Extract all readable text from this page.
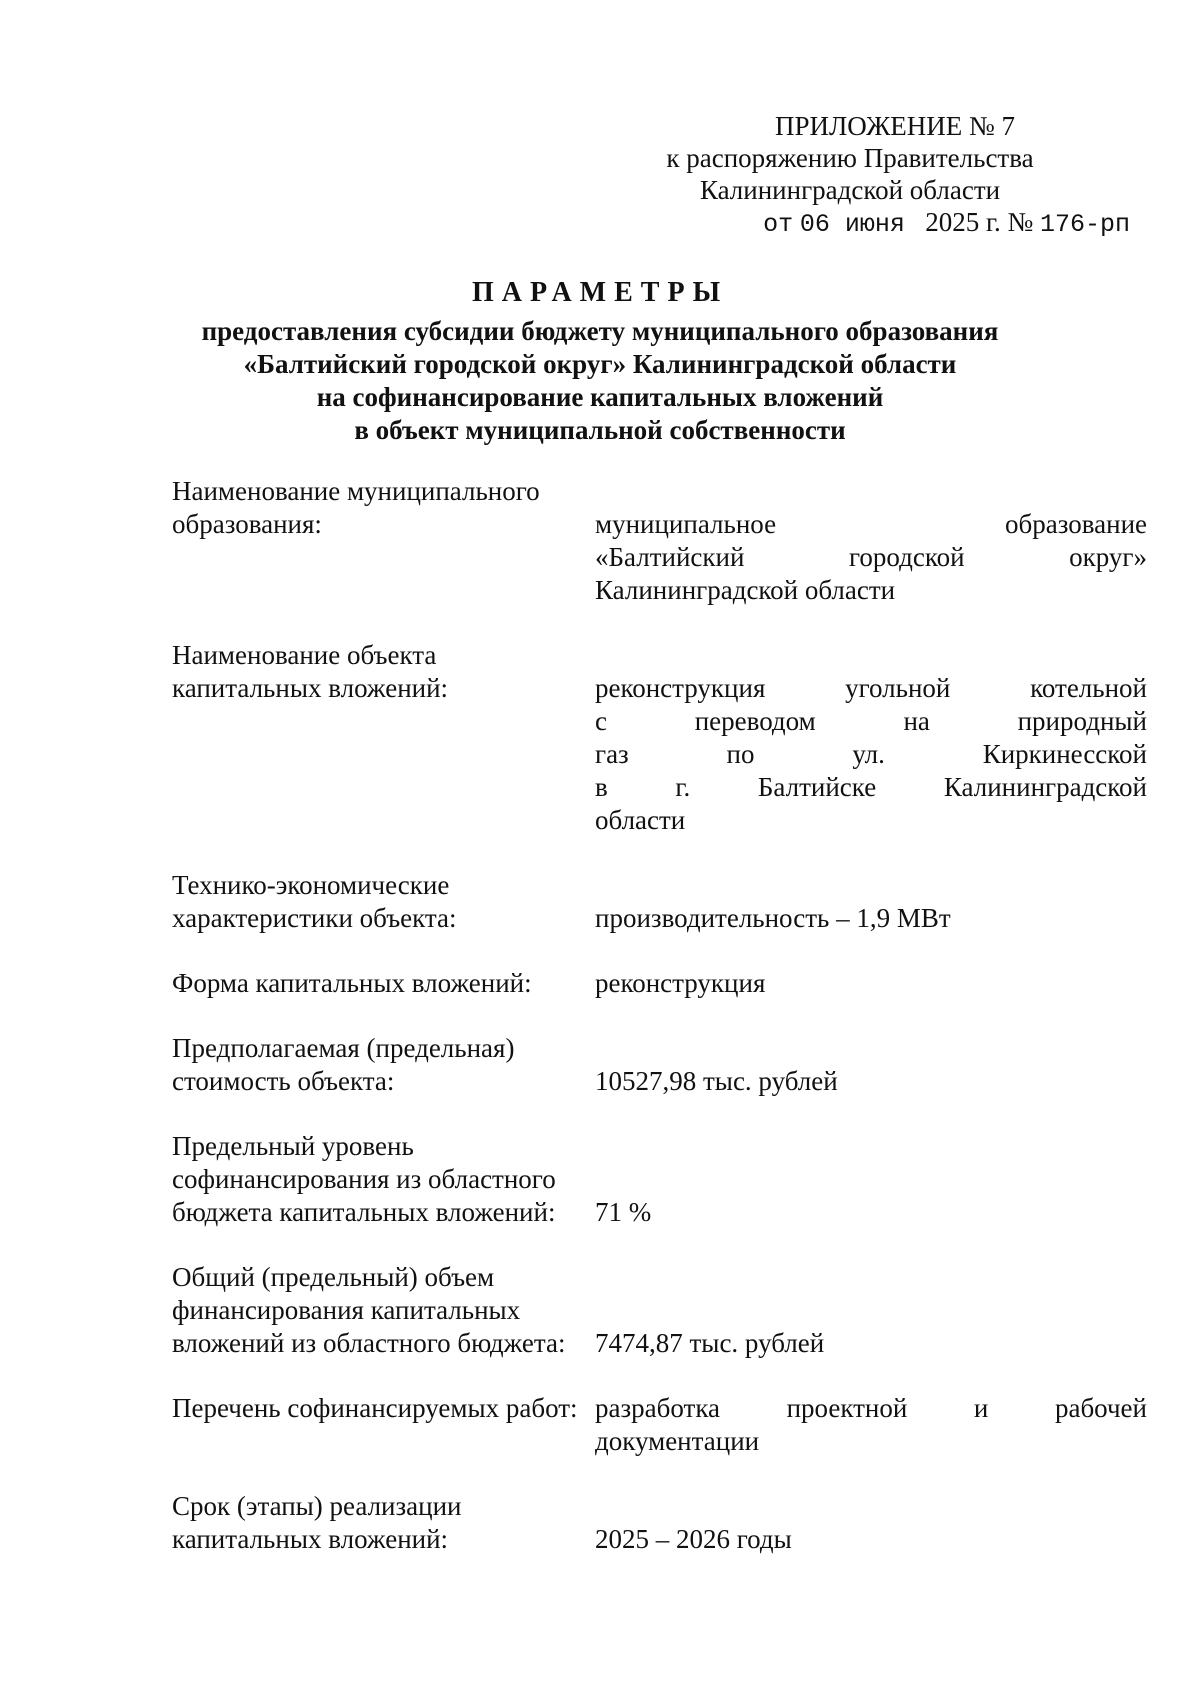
ПРИЛОЖЕНИЕ № 7
к распоряжению Правительства
Калининградской области
от 06 июня 2025 г. № 176-рп
ПАРАМЕТРЫ
предоставления субсидии бюджету муниципального образования
«Балтийский городской округ» Калининградской области
на софинансирование капитальных вложений
в объект муниципальной собственности
Наименование муниципального
образования:	муниципальное образование
«Балтийский городской округ»
Калининградской области
Наименование объекта
капитальных вложений:	реконструкция угольной котельной
с переводом на природный
газ по ул. Киркинесской
в г. Балтийске Калининградской
области
Технико-экономические
характеристики объекта:	производительность – 1,9 МВт
Форма капитальных вложений:	реконструкция
Предполагаемая (предельная)
стоимость объекта:	10527,98 тыс. рублей
Предельный уровень
софинансирования из областного
бюджета капитальных вложений:	71 %
Общий (предельный) объем
финансирования капитальных
вложений из областного бюджета:	7474,87 тыс. рублей
Перечень софинансируемых работ: разработка проектной и рабочей
документации
Срок (этапы) реализации
капитальных вложений:	2025 – 2026 годы
